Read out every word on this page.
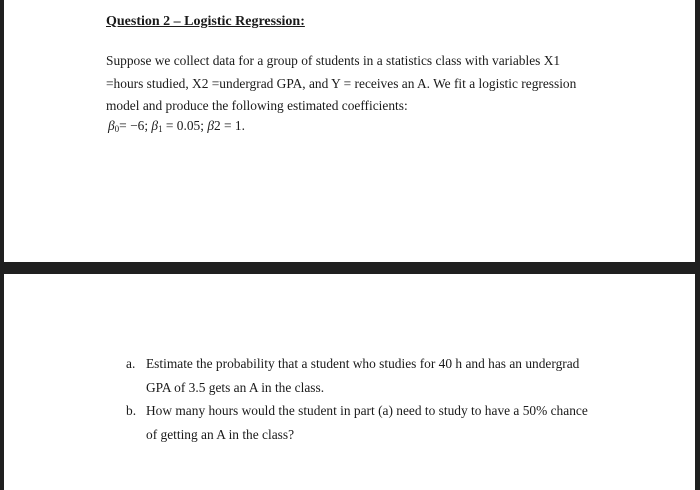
Question 2 – Logistic Regression:

Suppose we collect data for a group of students in a statistics class with variables X1
=hours studied, X2 =undergrad GPA, and Y = receives an A. We fit a logistic regression
model and produce the following estimated coefficients:

$\beta_0= -6$; $\beta_1 = 0.05$; β2 = 1.
a. Estimate the probability that a student who studies for 40 h and has an undergrad
GPA of 3.5 gets an A in the class.
b. How many hours would the student in part (a) need to study to have a 50% chance
of getting an A in the class?
